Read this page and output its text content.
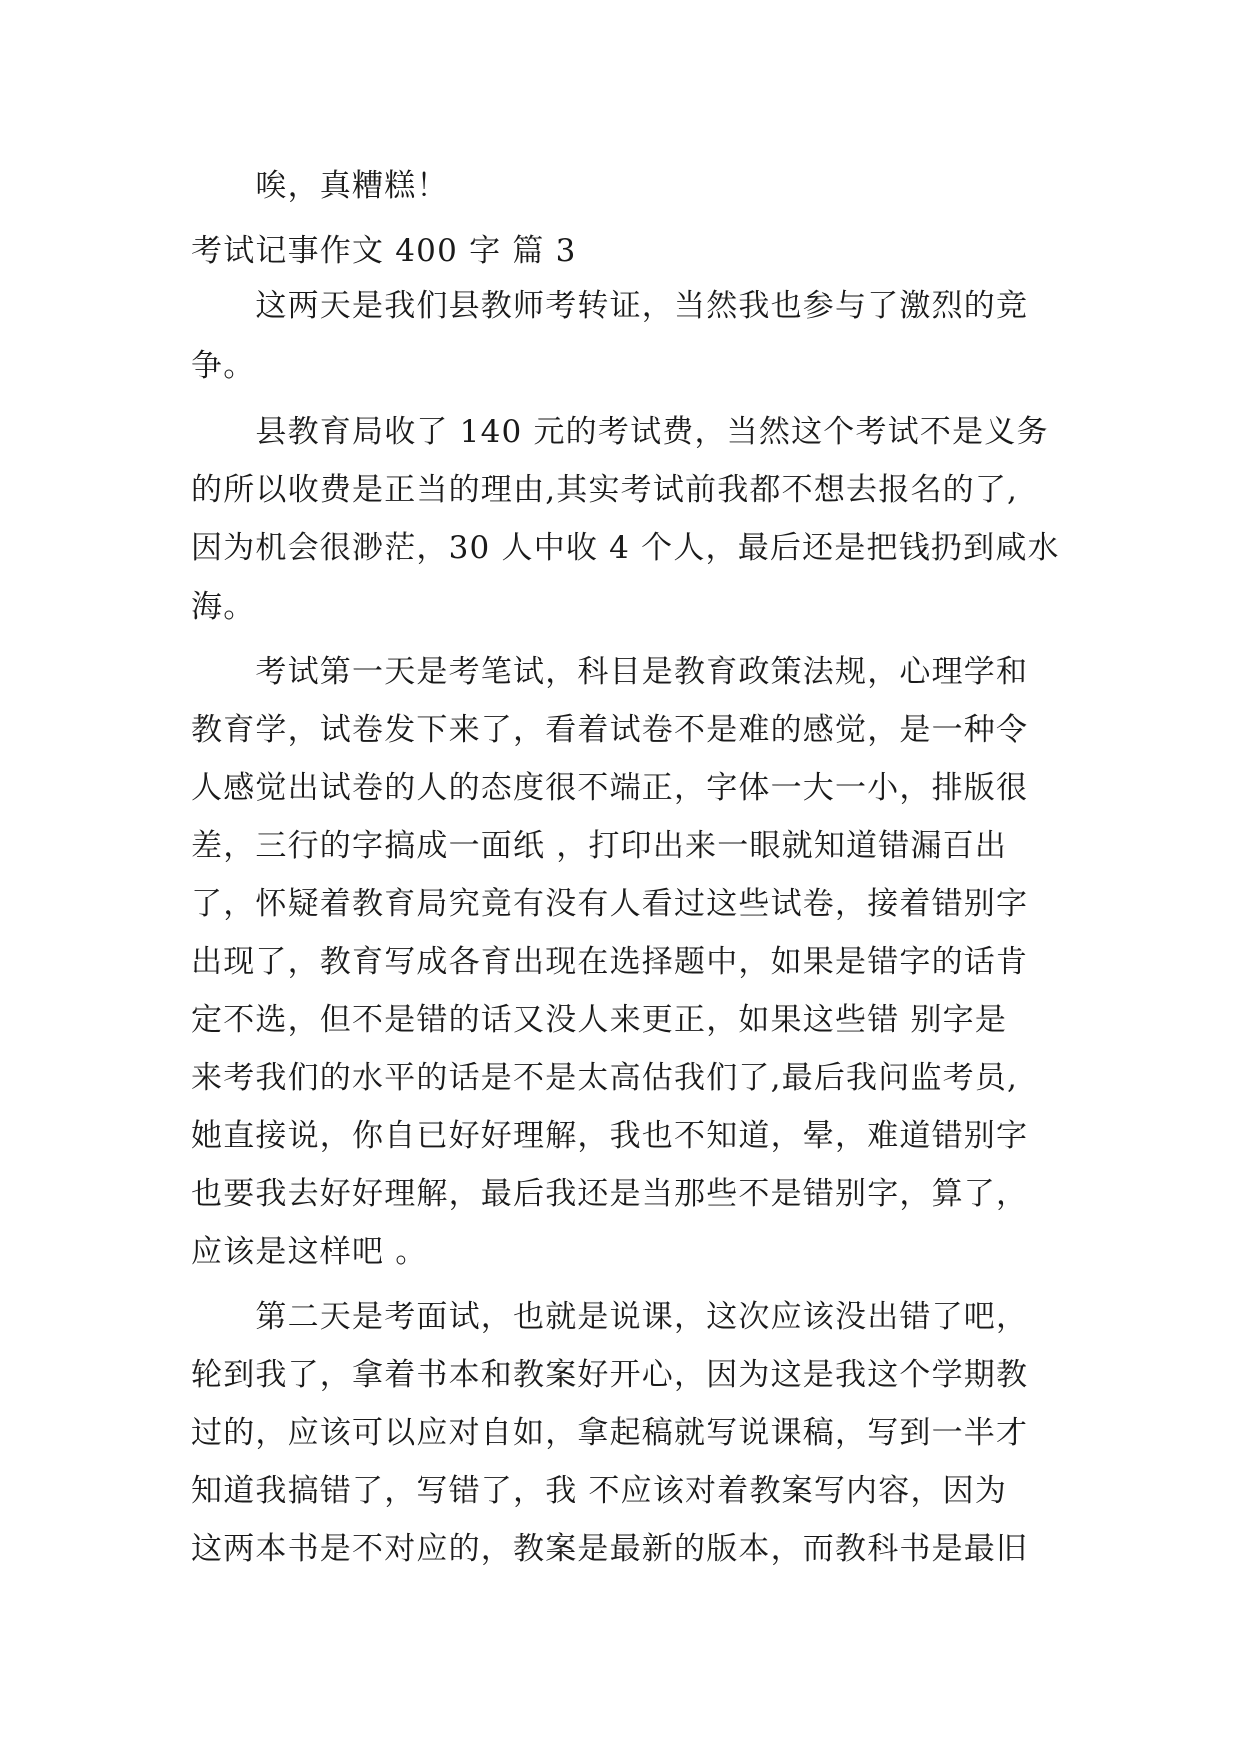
　　唉，真糟糕！
考试记事作文 400 字 篇 3
　　这两天是我们县教师考转证，当然我也参与了激烈的竞
争。
　　县教育局收了 140 元的考试费，当然这个考试不是义务
的所以收费是正当的理由,其实考试前我都不想去报名的了,
因为机会很渺茫，30 人中收 4 个人，最后还是把钱扔到咸水
海。
　　考试第一天是考笔试，科目是教育政策法规，心理学和
教育学，试卷发下来了，看着试卷不是难的感觉，是一种令
人感觉出试卷的人的态度很不端正，字体一大一小，排版很
差，三行的字搞成一面纸 ，打印出来一眼就知道错漏百出
了，怀疑着教育局究竟有没有人看过这些试卷，接着错别字
出现了，教育写成各育出现在选择题中，如果是错字的话肯
定不选，但不是错的话又没人来更正，如果这些错 别字是
来考我们的水平的话是不是太高估我们了,最后我问监考员,
她直接说，你自已好好理解，我也不知道，晕，难道错别字
也要我去好好理解，最后我还是当那些不是错别字，算了，
应该是这样吧 。
　　第二天是考面试，也就是说课，这次应该没出错了吧，
轮到我了，拿着书本和教案好开心，因为这是我这个学期教
过的，应该可以应对自如，拿起稿就写说课稿，写到一半才
知道我搞错了，写错了，我 不应该对着教案写内容，因为
这两本书是不对应的，教案是最新的版本，而教科书是最旧
